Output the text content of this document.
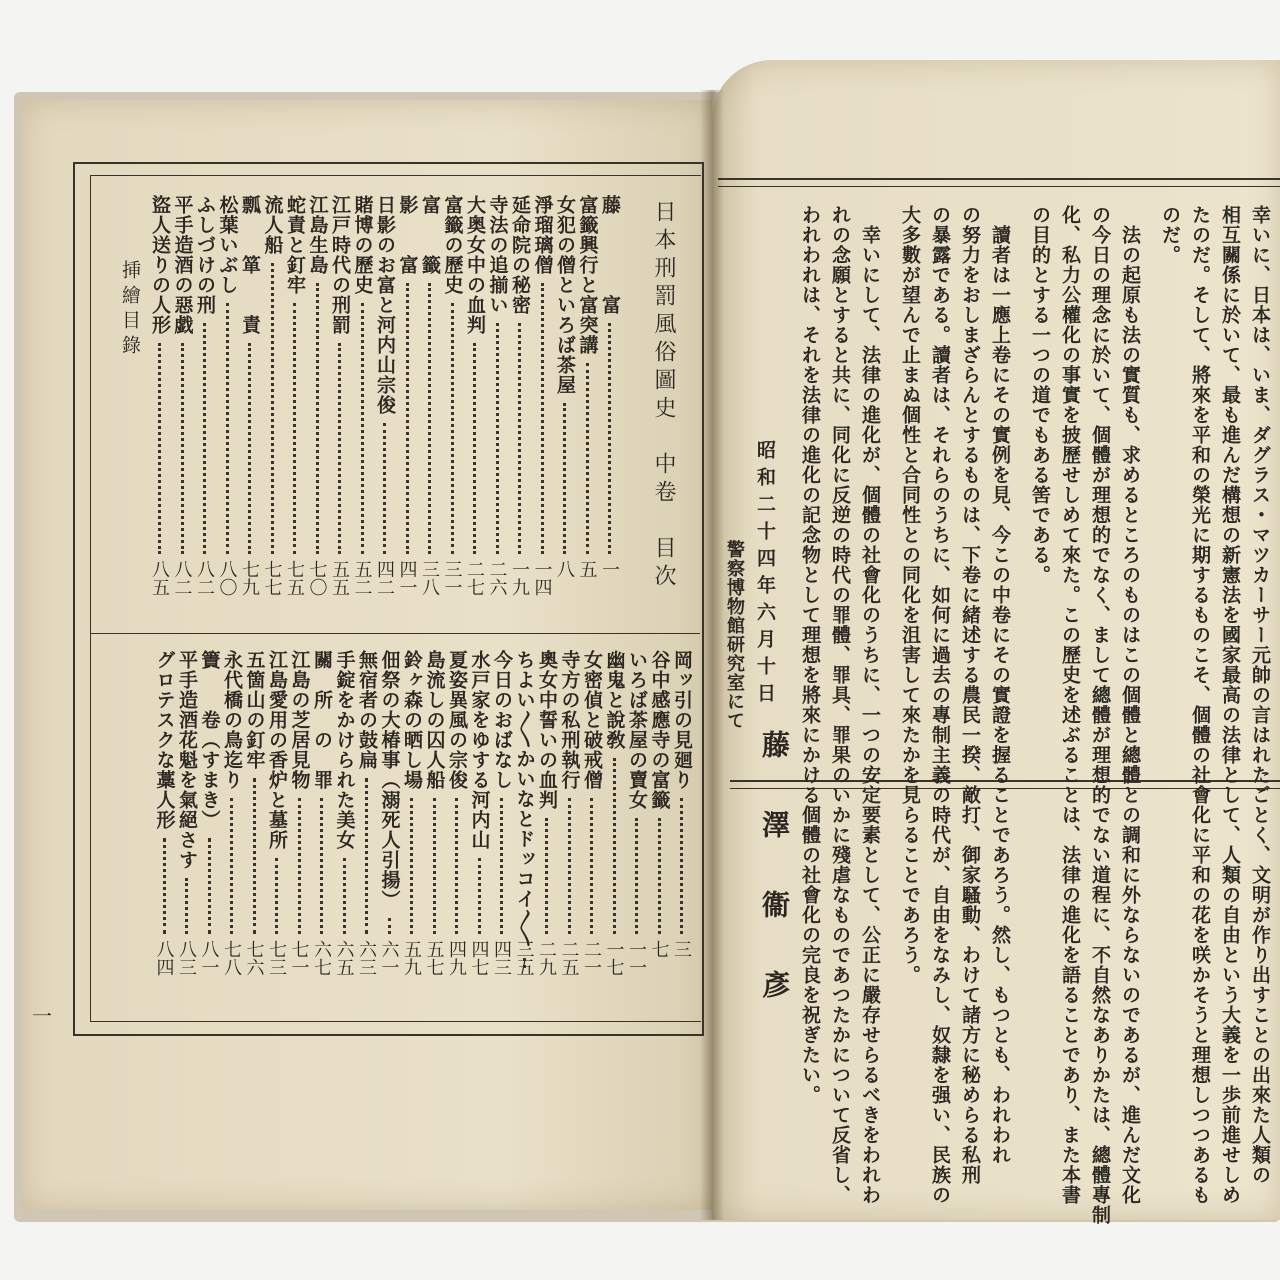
一
日本刑罰風俗圖史　中卷　目次
挿繪目錄	藤　　　　富
一
富籤興行と富突講
五
女犯の僧といろば茶屋
八
淨瑠璃僧
一四
延命院の秘密
一九
寺法の追揃い
二六
大奥女中の血判
二七
富籤の歷史
三一
富　　籤
三八
影　　富
四一
日影のお富と河内山宗俊
四二
賭博の歷史
五二
江戸時代の刑罰
五五
江島生島
七〇
蛇責と釘牢
七五
流人船
七七
瓢　　箪　　責
七九
松葉いぶし
八〇
ふしづけの刑
八二
平手造酒の惡戯
八二
盜人送りの人形
八五
岡ッ引の見廻り
三
谷中感應寺の富籤
七
いろば茶屋の賣女
一一
幽鬼と說敎
一七
女密偵と破戒僧
二一
寺方の私刑執行
二五
奧女中誓いの血判
二九
ちよい〳〵かいなとドッコイ〳〵
三五
今日のおばなし
四三
水戸家をゆする河内山
四七
夏姿異風の宗俊
四九
島流しの囚人船
五七
鈴ヶ森の晒し場
五九
佃祭の大椿事（溺死人引揚）
六一
無宿者の鼓扁
六三
手錠をかけられた美女
六五
關　所　の　罪
六七
江島の芝居見物
七一
江島愛用の香炉と墓所
七三
五箇山の釘牢
七六
永代橋の鳥迄り
七八
簀　　卷（すまき）
八一
平手造酒花魁を氣絕さす
八三
グロテスクな藁人形
八四	幸いに、日本は、いま、ダグラス・マツカーサー元帥の言はれたごとく、文明が作り出すことの出來た人類の
相互關係に於いて、最も進んだ構想の新憲法を國家最高の法律として、人類の自由という大義を一歩前進せしめ
たのだ。そして、將來を平和の榮光に期するものこそ、個體の社會化に平和の花を咲かそうと理想しつつあるも
のだ。
法の起原も法の實質も、求めるところのものはこの個體と總體との調和に外ならないのであるが、進んだ文化
の今日の理念に於いて、個體が理想的でなく、まして總體が理想的でない道程に、不自然なありかたは、總體專制
化、私力公權化の事實を披歷せしめて來た。この歷史を述ぶることは、法律の進化を語ることであり、また本書
の目的とする一つの道でもある筈である。
讀者は一應上卷にその實例を見、今この中卷にその實證を握ることであろう。然し、もつとも、われわれ
の努力をおしまざらんとするものは、下卷に緒述する農民一揆、敵打、御家騷動、わけて諸方に秘めらる私刑
の暴露である。讀者は、それらのうちに、如何に過去の專制主義の時代が、自由をなみし、奴隸を强い、民族の
大多數が望んで止まぬ個性と合同性との同化を沮害して來たかを見らることであろう。
幸いにして、法律の進化が、個體の社會化のうちに、一つの安定要素として、公正に嚴存せらるべきをわれわ
れの念願とすると共に、同化に反逆の時代の罪體、罪具、罪果のいかに殘虐なものであつたかについて反省し、
われわれは、それを法律の進化の記念物として理想を將來にかける個體の社會化の完良を祝ぎたい。
昭和二十四年六月十日
警察博物館研究室にて
藤　澤　衞　彥
